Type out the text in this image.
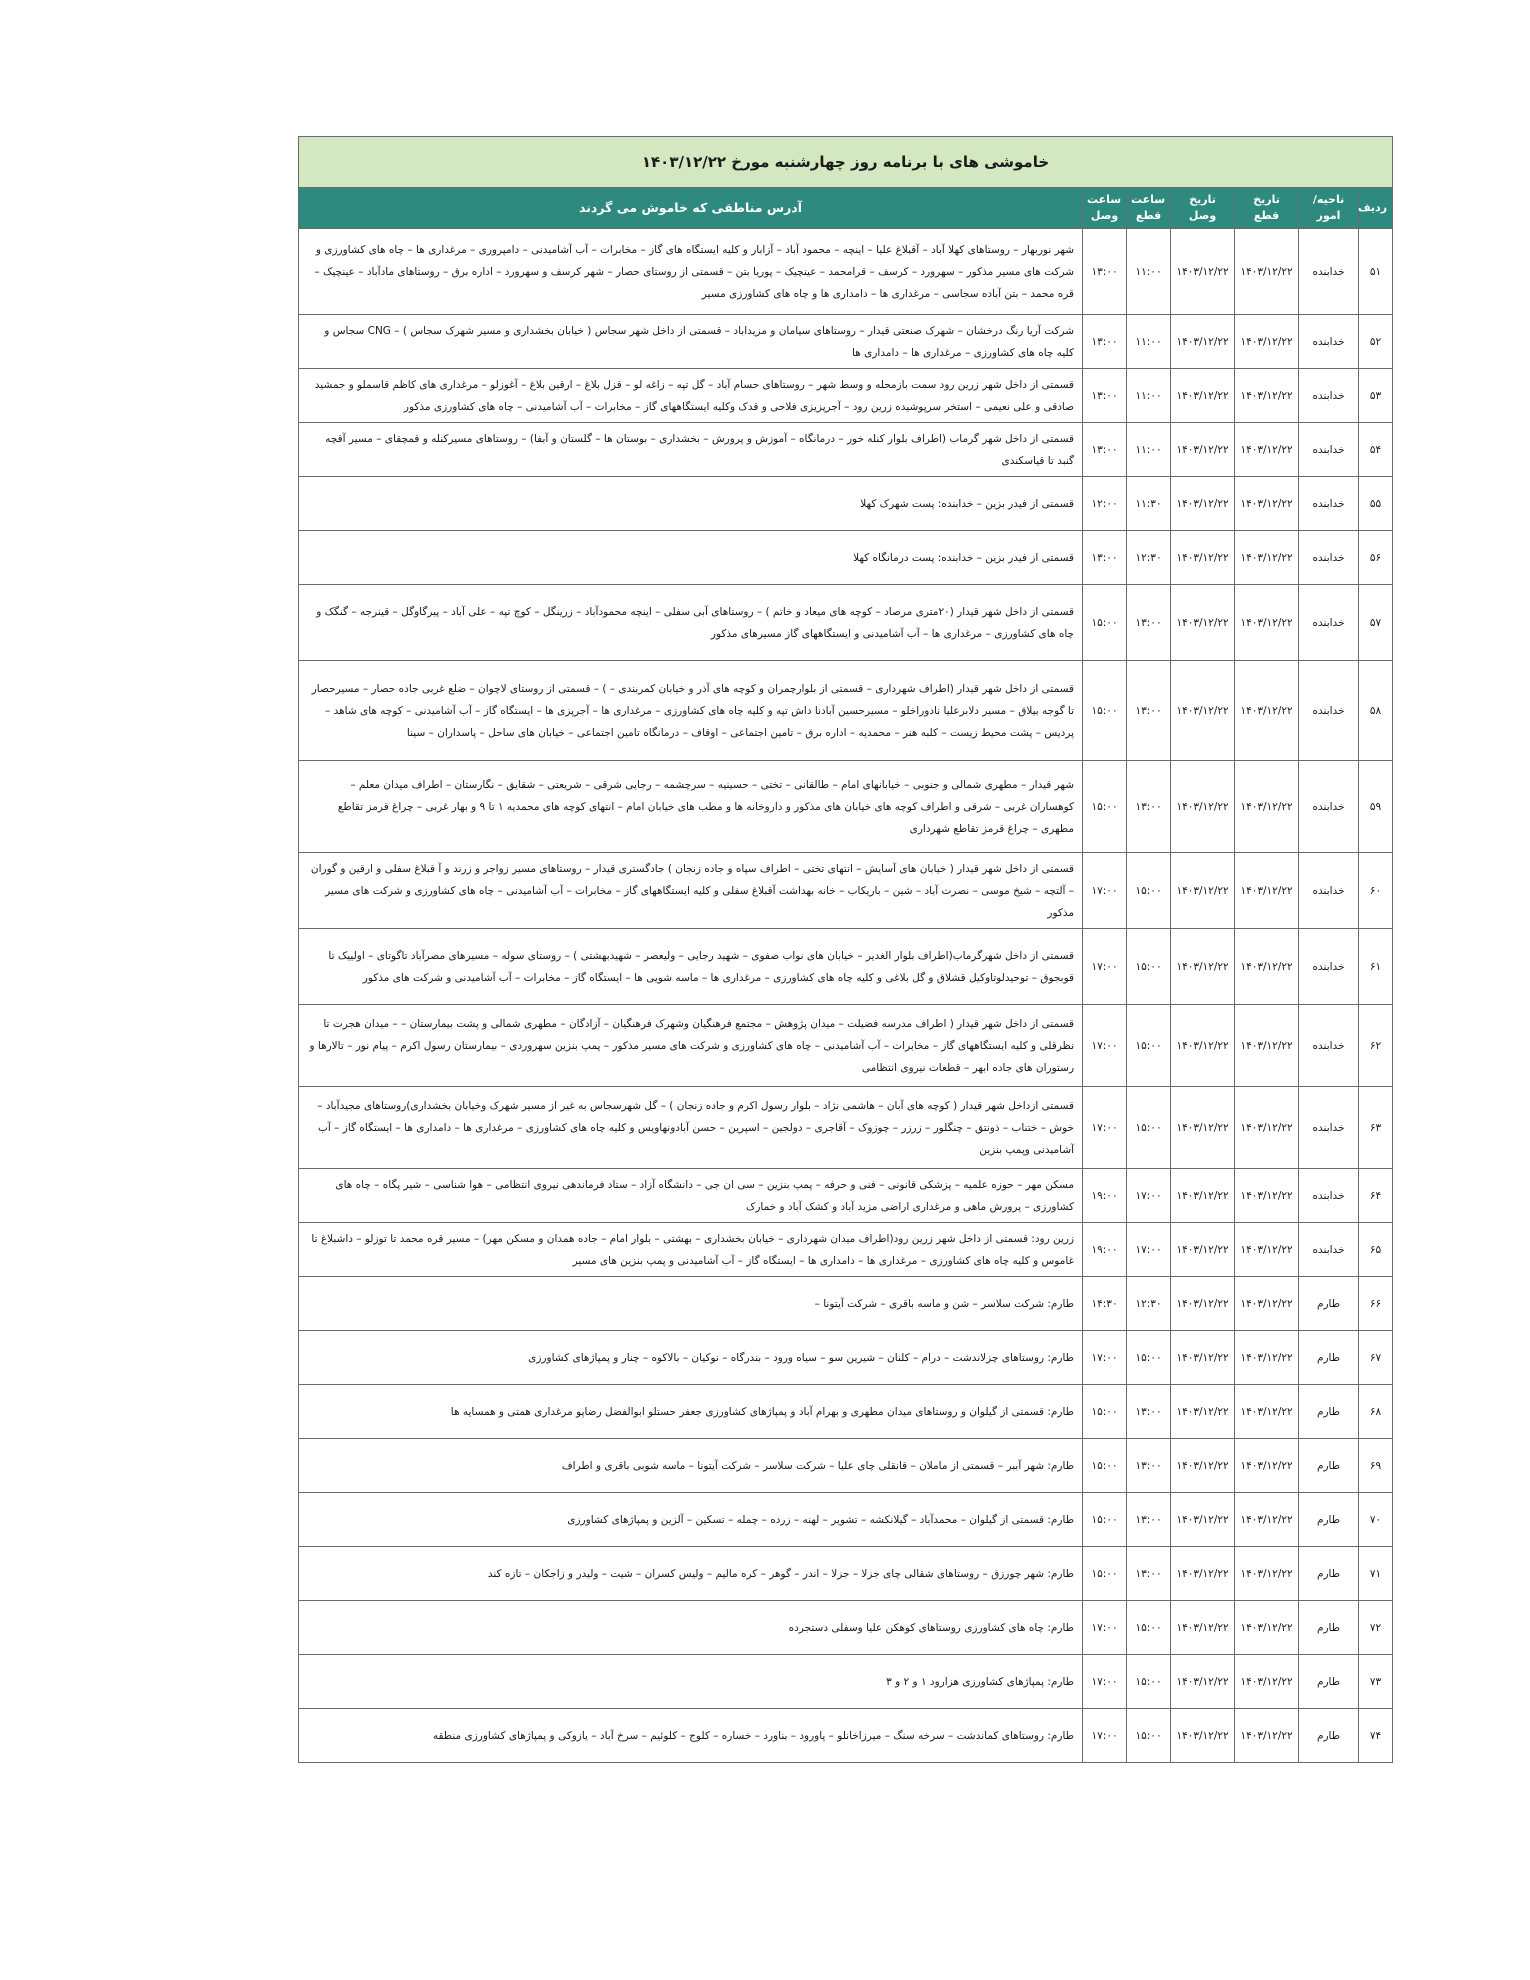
خاموشی های با برنامه روز چهارشنبه مورخ ۱۴۰۳/۱۲/۲۲						
ردیف	ناحیه/امور	تاریخ قطع	تاریخ وصل	ساعت قطع	ساعت وصل	آدرس مناطقی که خاموش می گردند
۵۱	خدابنده	۱۴۰۳/۱۲/۲۲	۱۴۰۳/۱۲/۲۲	۱۱:۰۰	۱۳:۰۰	شهر نوربهار – روستاهای کهلا آباد – آقبلاغ علیا – اینچه – محمود آباد – آزابار و کلیه ایستگاه های گاز – مخابرات – آب آشامیدنی – دامپروری – مرغداری ها – چاه های کشاورزی و شرکت های مسیر مذکور – سهرورد – کرسف – قرامحمد – عینچیک – پوریا بتن – قسمتی از روستای حصار – شهر کرسف و سهرورد – اداره برق – روستاهای مادآباد – عینچیک – قره محمد – بتن آباده سجاسی – مرغداری ها – دامداری ها و چاه های کشاورزی مسیر
۵۲	خدابنده	۱۴۰۳/۱۲/۲۲	۱۴۰۳/۱۲/۲۲	۱۱:۰۰	۱۳:۰۰	شرکت آریا رنگ درخشان – شهرک صنعتی قیدار – روستاهای سیامان و مزیداباد – قسمتی از داخل شهر سجاس ( خیابان بخشداری و مسیر شهرک سجاس ) – CNG سجاس و کلیه چاه های کشاورزی – مرغداری ها – دامداری ها
۵۳	خدابنده	۱۴۰۳/۱۲/۲۲	۱۴۰۳/۱۲/۲۲	۱۱:۰۰	۱۳:۰۰	قسمتی از داخل شهر زرین رود سمت بازمحله و وسط شهر – روستاهای حسام آباد – گل تپه – زاغه لو – قزل بلاغ – ارقین بلاغ – آغوزلو – مرغداری های کاظم قاسملو و جمشید صادقی و علی نعیمی – استخر سرپوشیده زرین رود – آجرپزیزی فلاحی و قدک وکلیه ایستگاههای گاز – مخابرات – آب آشامیدنی – چاه های کشاورزی مذکور
۵۴	خدابنده	۱۴۰۳/۱۲/۲۲	۱۴۰۳/۱۲/۲۲	۱۱:۰۰	۱۳:۰۰	قسمتی از داخل شهر گرماب (اطراف بلوار کنله خور – درمانگاه – آموزش و پرورش – بخشداری – بوستان ها – گلستان و آبفا) – روستاهای مسیرکنله و قمچقای – مسیر آقچه گنبد تا قیاسکندی
۵۵	خدابنده	۱۴۰۳/۱۲/۲۲	۱۴۰۳/۱۲/۲۲	۱۱:۳۰	۱۲:۰۰	قسمتی از فیدر بزین – خدابنده: پست شهرک کهلا
۵۶	خدابنده	۱۴۰۳/۱۲/۲۲	۱۴۰۳/۱۲/۲۲	۱۲:۳۰	۱۳:۰۰	قسمتی از فیدر بزین – خدابنده: پست درمانگاه کهلا
۵۷	خدابنده	۱۴۰۳/۱۲/۲۲	۱۴۰۳/۱۲/۲۲	۱۳:۰۰	۱۵:۰۰	قسمتی از داخل شهر قیدار (۲۰متری مرصاد – کوچه های میعاد و خاتم ) – روستاهای آبی سفلی – اینچه محمودآباد – زرینگل – کوچ تپه – علی آباد – پیرگاوگل – قینرجه – گنگک و چاه های کشاورزی – مرغداری ها – آب آشامیدنی و ایستگاههای گاز مسیرهای مذکور
۵۸	خدابنده	۱۴۰۳/۱۲/۲۲	۱۴۰۳/۱۲/۲۲	۱۳:۰۰	۱۵:۰۰	قسمتی از داخل شهر قیدار (اطراف شهرداری – قسمتی از بلوارچمران و کوچه های آذر و خیابان کمربندی – ) – قسمتی از روستای لاچوان – ضلع غربی جاده حصار – مسیرحصار تا گوجه بیلاق – مسیر دلابرعلیا نادوراخلو – مسیرحسین آبادنا داش تپه و کلیه چاه های کشاورزی – مرغداری ها – آجرپزی ها – ایستگاه گاز – آب آشامیدنی – کوچه های شاهد – پردیس – پشت محیط زیست – کلبه هنر – محمدیه – اداره برق – تامین اجتماعی – اوقاف – درمانگاه تامین اجتماعی – خیابان های ساحل – پاسداران – سینا
۵۹	خدابنده	۱۴۰۳/۱۲/۲۲	۱۴۰۳/۱۲/۲۲	۱۳:۰۰	۱۵:۰۰	شهر قیدار – مطهری شمالی و جنوبی – خیابانهای امام – طالقانی – تختی – حسینیه – سرچشمه – رجایی شرقی – شریعتی – شقایق – نگارستان – اطراف میدان معلم – کوهساران غربی – شرقی و اطراف کوچه های خیابان های مذکور و داروخانه ها و مطب های خیابان امام – انتهای کوچه های محمدیه ۱ تا ۹ و بهار غربی – چراغ قرمز تقاطع مطهری – چراغ قرمز تقاطع شهرداری
۶۰	خدابنده	۱۴۰۳/۱۲/۲۲	۱۴۰۳/۱۲/۲۲	۱۵:۰۰	۱۷:۰۰	قسمتی از داخل شهر قیدار ( خیابان های آسایش – انتهای تختی – اطراف سپاه و جاده زنجان ) جادگستری قیدار – روستاهای مسیر زواجر و زرند و آ قبلاغ سفلی و ارقین و گوران – آلتچه – شیخ موسی – نصرت آباد – شین – باریکاب – خانه بهداشت آقبلاغ سفلی و کلیه ایستگاههای گاز – مخابرات – آب آشامیدنی – چاه های کشاورزی و شرکت های مسیر مذکور
۶۱	خدابنده	۱۴۰۳/۱۲/۲۲	۱۴۰۳/۱۲/۲۲	۱۵:۰۰	۱۷:۰۰	قسمتی از داخل شهرگرماب(اطراف بلوار الغدیر – خیابان های نواب صفوی – شهید رجایی – ولیعصر – شهیدبهشتی ) – روستای سوله – مسیرهای مصرآباد تاگوتای – اولییک تا قوبجوق – توحیدلوتاوکیل قشلاق و گل بلاغی و کلیه چاه های کشاورزی – مرغداری ها – ماسه شویی ها – ایستگاه گاز – مخابرات – آب آشامیدنی و شرکت های مذکور
۶۲	خدابنده	۱۴۰۳/۱۲/۲۲	۱۴۰۳/۱۲/۲۲	۱۵:۰۰	۱۷:۰۰	قسمتی از داخل شهر قیدار ( اطراف مدرسه فضیلت – میدان پژوهش – مجتمع فرهنگیان وشهرک فرهنگیان – آزادگان – مطهری شمالی و پشت بیمارستان – – میدان هجرت تا نظرقلی و کلیه ایستگاههای گاز – مخابرات – آب آشامیدنی – چاه های کشاورزی و شرکت های مسیر مذکور – پمپ بنزین سهروردی – بیمارستان رسول اکرم – پیام نور – تالارها و رستوران های جاده ابهر – قطعات نیروی انتظامی
۶۳	خدابنده	۱۴۰۳/۱۲/۲۲	۱۴۰۳/۱۲/۲۲	۱۵:۰۰	۱۷:۰۰	قسمتی ازداخل شهر قیدار ( کوچه های آبان – هاشمی نژاد – بلوار رسول اکرم و جاده زنجان ) – گل شهرسجاس به غیر از مسیر شهرک وخیابان بخشداری)روستاهای مجیدآباد – خوش – ختناب – ذونتق – چنگلور – زرزر – چوزوک – آقاجری – دولجین – اسپرین – حسن آبادونهاویس و کلیه چاه های کشاورزی – مرغداری ها – دامداری ها – ایستگاه گاز – آب آشامیدنی وپمپ بنزین
۶۴	خدابنده	۱۴۰۳/۱۲/۲۲	۱۴۰۳/۱۲/۲۲	۱۷:۰۰	۱۹:۰۰	مسکن مهر – حوزه علمیه – پزشکی قانونی – فنی و حرفه – پمپ بنزین – سی ان جی – دانشگاه آزاد – ستاد فرماندهی نیروی انتظامی – هوا شناسی – شیر پگاه – چاه های کشاورزی – پرورش ماهی و مرغداری اراضی مزید آباد و کشک آباد و خمارک
۶۵	خدابنده	۱۴۰۳/۱۲/۲۲	۱۴۰۳/۱۲/۲۲	۱۷:۰۰	۱۹:۰۰	زرین رود: قسمتی از داخل شهر زرین رود(اطراف میدان شهرداری – خیابان بخشداری – بهشتی – بلوار امام – جاده همدان و مسکن مهر) – مسیر قره محمد تا توزلو – داشبلاغ تا غاموس و کلیه چاه های کشاورزی – مرغداری ها – دامداری ها – ایستگاه گاز – آب آشامیدنی و پمپ بنزین های مسیر
۶۶	طارم	۱۴۰۳/۱۲/۲۲	۱۴۰۳/۱۲/۲۲	۱۲:۳۰	۱۴:۳۰	طارم: شرکت سلاسر – شن و ماسه باقری – شرکت آیتونا –
۶۷	طارم	۱۴۰۳/۱۲/۲۲	۱۴۰۳/۱۲/۲۲	۱۵:۰۰	۱۷:۰۰	طارم: روستاهای چزلاندشت – درام – کلنان – شیرین سو – سیاه ورود – بندرگاه – نوکیان – بالاکوه – چنار و پمپاژهای کشاورزی
۶۸	طارم	۱۴۰۳/۱۲/۲۲	۱۴۰۳/۱۲/۲۲	۱۳:۰۰	۱۵:۰۰	طارم: قسمتی از گیلوان و روستاهای میدان مطهری و بهرام آباد و پمپاژهای کشاورزی جعفر حستلو ابوالفضل رضاپو مرغداری همتی و همسایه ها
۶۹	طارم	۱۴۰۳/۱۲/۲۲	۱۴۰۳/۱۲/۲۲	۱۳:۰۰	۱۵:۰۰	طارم: شهر آببر – قسمتی از ماملان – قانقلی چای علیا – شرکت سلاسر – شرکت آیتونا – ماسه شوبی باقری و اطراف
۷۰	طارم	۱۴۰۳/۱۲/۲۲	۱۴۰۳/۱۲/۲۲	۱۳:۰۰	۱۵:۰۰	طارم: قسمتی از گیلوان – محمدآباد – گیلانکشه – تشویر – لهنه – زرده – چمله – تسکین – آلزین و پمپاژهای کشاورزی
۷۱	طارم	۱۴۰۳/۱۲/۲۲	۱۴۰۳/۱۲/۲۲	۱۳:۰۰	۱۵:۰۰	طارم: شهر چورزق – روستاهای شقالی چای جزلا – جزلا – اندر – گوهر – کره مالیم – ولیس کسران – شیت – ولیدر و زاجکان – تازه کند
۷۲	طارم	۱۴۰۳/۱۲/۲۲	۱۴۰۳/۱۲/۲۲	۱۵:۰۰	۱۷:۰۰	طارم: چاه های کشاورزی روستاهای کوهکن علیا وسفلی دستجرده
۷۳	طارم	۱۴۰۳/۱۲/۲۲	۱۴۰۳/۱۲/۲۲	۱۵:۰۰	۱۷:۰۰	طارم: پمپاژهای کشاورزی هزارود ۱ و ۲ و ۳
۷۴	طارم	۱۴۰۳/۱۲/۲۲	۱۴۰۳/۱۲/۲۲	۱۵:۰۰	۱۷:۰۰	طارم: روستاهای کماندشت – سرخه سنگ – میرزاخانلو – پاورود – بناورد – خساره – کلوج – کلوئیم – سرخ آباد – یازوکی و پمپاژهای کشاورزی منطقه
